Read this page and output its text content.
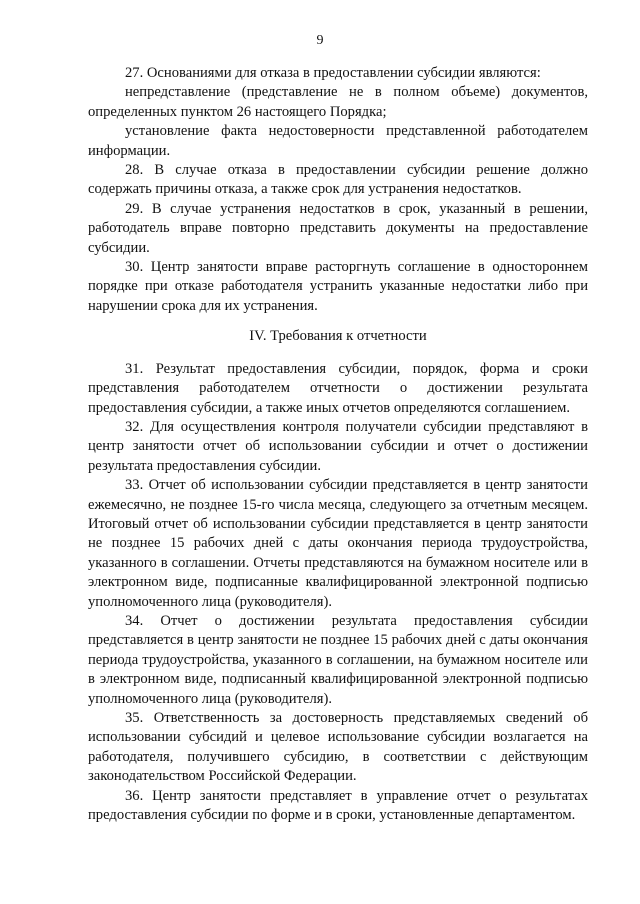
9

27. Основаниями для отказа в предоставлении субсидии являются:

непредставление (представление не в полном объеме) документов, определенных пунктом 26 настоящего Порядка;

установление факта недостоверности представленной работодателем информации.

28. В случае отказа в предоставлении субсидии решение должно содержать причины отказа, а также срок для устранения недостатков.

29. В случае устранения недостатков в срок, указанный в решении, работодатель вправе повторно представить документы на предоставление субсидии.

30. Центр занятости вправе расторгнуть соглашение в одностороннем порядке при отказе работодателя устранить указанные недостатки либо при нарушении срока для их устранения.

IV. Требования к отчетности

31. Результат предоставления субсидии, порядок, форма и сроки представления работодателем отчетности о достижении результата предоставления субсидии, а также иных отчетов определяются соглашением.

32. Для осуществления контроля получатели субсидии представляют в центр занятости отчет об использовании субсидии и отчет о достижении результата предоставления субсидии.

33. Отчет об использовании субсидии представляется в центр занятости ежемесячно, не позднее 15-го числа месяца, следующего за отчетным месяцем. Итоговый отчет об использовании субсидии представляется в центр занятости не позднее 15 рабочих дней с даты окончания периода трудоустройства, указанного в соглашении. Отчеты представляются на бумажном носителе или в электронном виде, подписанные квалифицированной электронной подписью уполномоченного лица (руководителя).

34. Отчет о достижении результата предоставления субсидии представляется в центр занятости не позднее 15 рабочих дней с даты окончания периода трудоустройства, указанного в соглашении, на бумажном носителе или в электронном виде, подписанный квалифицированной электронной подписью уполномоченного лица (руководителя).

35. Ответственность за достоверность представляемых сведений об использовании субсидий и целевое использование субсидии возлагается на работодателя, получившего субсидию, в соответствии с действующим законодательством Российской Федерации.

36. Центр занятости представляет в управление отчет о результатах предоставления субсидии по форме и в сроки, установленные департаментом.
